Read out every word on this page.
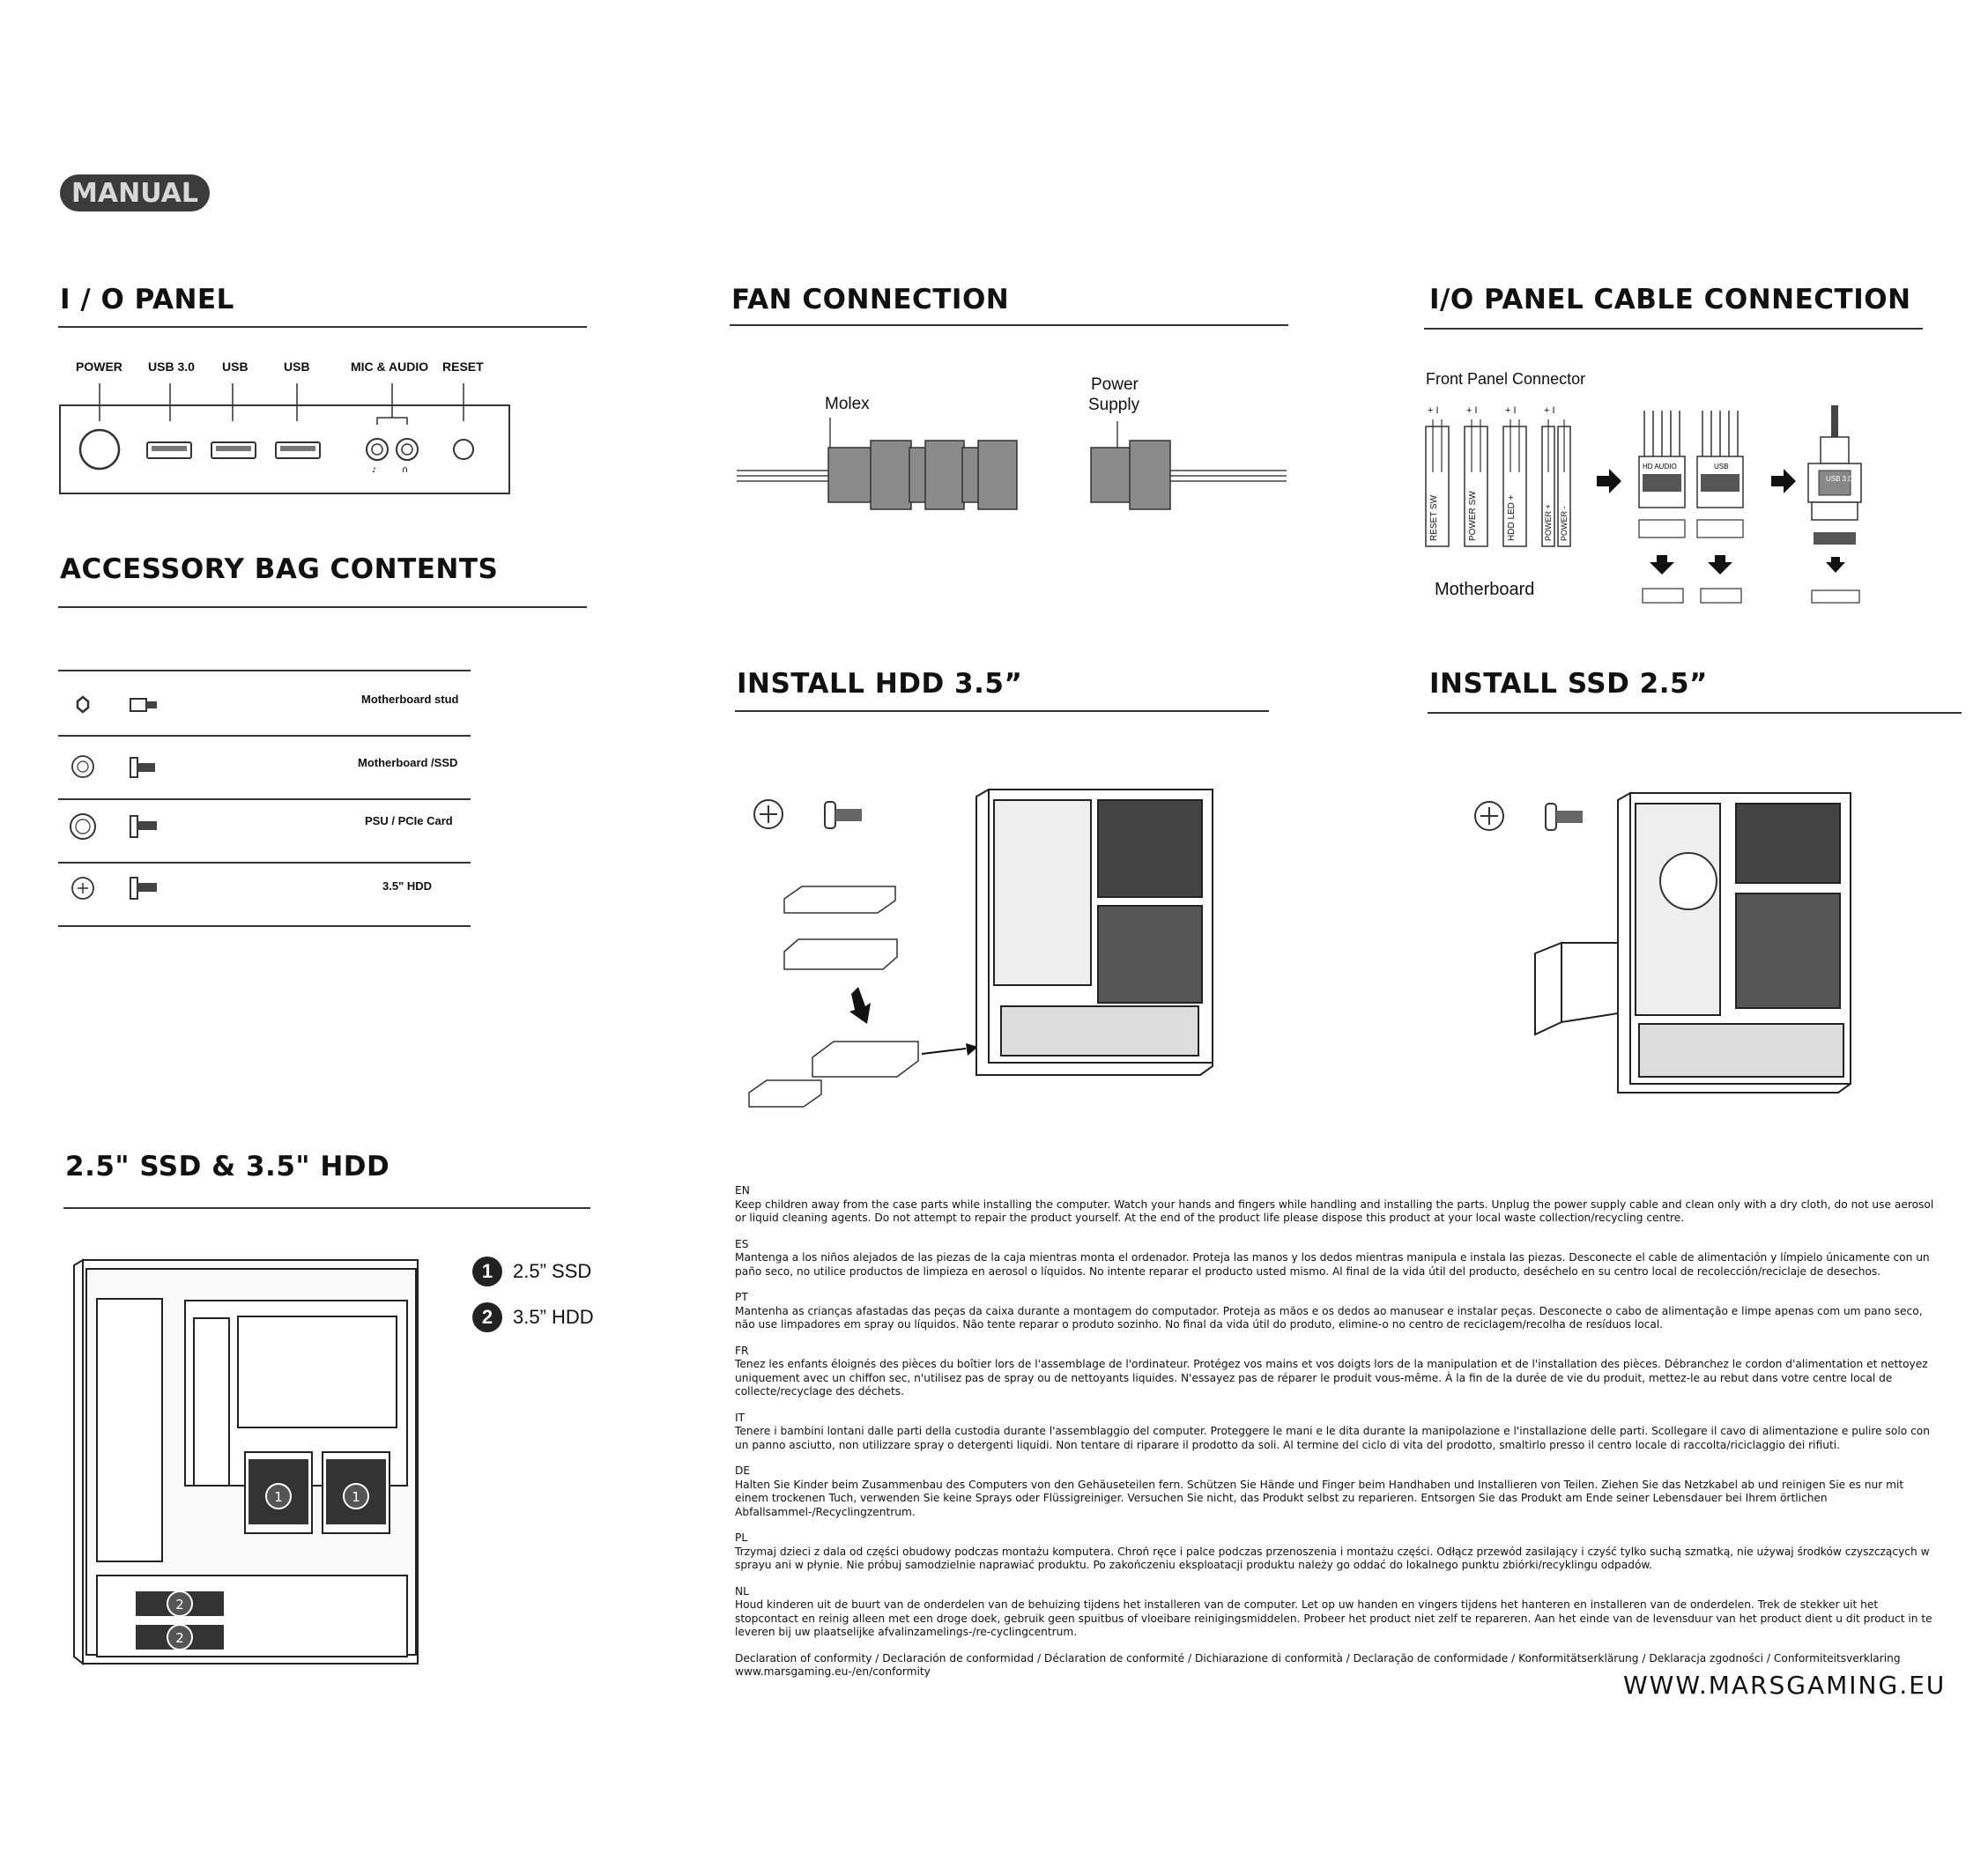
MANUAL
I / O PANEL	FAN CONNECTION	I/O PANEL CABLE CONNECTION
ACCESSORY BAG CONTENTS
INSTALL HDD 3.5”	INSTALL SSD 2.5”
2.5" SSD & 3.5" HDD
POWER USB 3.0 USB	USB	MIC & AUDIO RESET
♪	∩
Molex
Power
Supply
Front Panel Connector
Motherboard
+ I	+ I	+ I	+ I
RESET SW	POWER SW	HDD LED +	POWER + POWER -
HD AUDIO	USB
USB 3.0
Motherboard stud
Motherboard /SSD
PSU / PCIe Card
3.5" HDD
1	1
2
2
1	2.5” SSD
2	3.5” HDD

EN

Keep children away from the case parts while installing the computer. Watch your hands and fingers while handling and installing the parts. Unplug the power supply cable and clean only with a dry cloth, do not use aerosol or liquid cleaning agents. Do not attempt to repair the product yourself. At the end of the product life please dispose this product at your local waste collection/recycling centre.

ES

Mantenga a los niños alejados de las piezas de la caja mientras monta el ordenador. Proteja las manos y los dedos mientras manipula e instala las piezas. Desconecte el cable de alimentación y límpielo únicamente con un paño seco, no utilice productos de limpieza en aerosol o líquidos. No intente reparar el producto usted mismo. Al final de la vida útil del producto, deséchelo en su centro local de recolección/reciclaje de desechos.

PT

Mantenha as crianças afastadas das peças da caixa durante a montagem do computador. Proteja as mãos e os dedos ao manusear e instalar peças. Desconecte o cabo de alimentação e limpe apenas com um pano seco, não use limpadores em spray ou líquidos. Não tente reparar o produto sozinho. No final da vida útil do produto, elimine-o no centro de reciclagem/recolha de resíduos local.

FR

Tenez les enfants éloignés des pièces du boîtier lors de l'assemblage de l'ordinateur. Protégez vos mains et vos doigts lors de la manipulation et de l'installation des pièces. Débranchez le cordon d'alimentation et nettoyez uniquement avec un chiffon sec, n'utilisez pas de spray ou de nettoyants liquides. N'essayez pas de réparer le produit vous-même. À la fin de la durée de vie du produit, mettez-le au rebut dans votre centre local de collecte/recyclage des déchets.

IT

Tenere i bambini lontani dalle parti della custodia durante l'assemblaggio del computer. Proteggere le mani e le dita durante la manipolazione e l'installazione delle parti. Scollegare il cavo di alimentazione e pulire solo con un panno asciutto, non utilizzare spray o detergenti liquidi. Non tentare di riparare il prodotto da soli. Al termine del ciclo di vita del prodotto, smaltirlo presso il centro locale di raccolta/riciclaggio dei rifiuti.

DE

Halten Sie Kinder beim Zusammenbau des Computers von den Gehäuseteilen fern. Schützen Sie Hände und Finger beim Handhaben und Installieren von Teilen. Ziehen Sie das Netzkabel ab und reinigen Sie es nur mit einem trockenen Tuch, verwenden Sie keine Sprays oder Flüssigreiniger. Versuchen Sie nicht, das Produkt selbst zu reparieren. Entsorgen Sie das Produkt am Ende seiner Lebensdauer bei Ihrem örtlichen Abfallsammel-/Recyclingzentrum.

PL

Trzymaj dzieci z dala od części obudowy podczas montażu komputera. Chroń ręce i palce podczas przenoszenia i montażu części. Odłącz przewód zasilający i czyść tylko suchą szmatką, nie używaj środków czyszczących w sprayu ani w płynie. Nie próbuj samodzielnie naprawiać produktu. Po zakończeniu eksploatacji produktu należy go oddać do lokalnego punktu zbiórki/recyklingu odpadów.

NL

Houd kinderen uit de buurt van de onderdelen van de behuizing tijdens het installeren van de computer. Let op uw handen en vingers tijdens het hanteren en installeren van de onderdelen. Trek de stekker uit het stopcontact en reinig alleen met een droge doek, gebruik geen spuitbus of vloeibare reinigingsmiddelen. Probeer het product niet zelf te repareren. Aan het einde van de levensduur van het product dient u dit product in te leveren bij uw plaatselijke afvalinzamelings-/re-cyclingcentrum.

Declaration of conformity / Declaración de conformidad / Déclaration de conformité / Dichiarazione di conformità / Declaração de conformidade / Konformitätserklärung / Deklaracja zgodności / Conformiteitsverklaring www.marsgaming.eu-/en/conformity	WWW.MARSGAMING.EU
